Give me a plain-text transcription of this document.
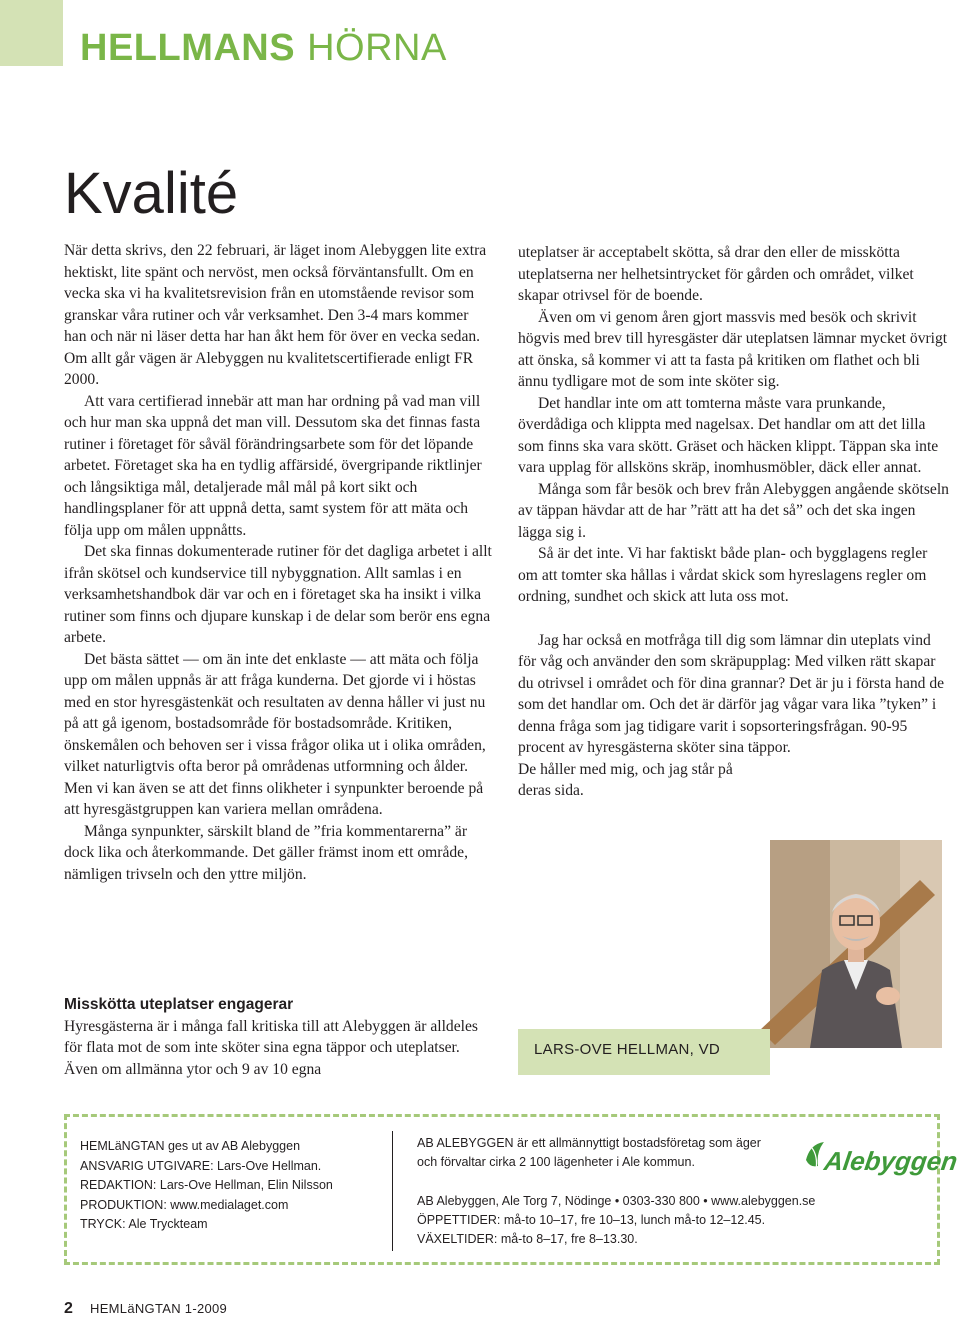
HELLMANS HÖRNA
Kvalité

När detta skrivs, den 22 februari, är läget inom Alebyggen lite extra hektiskt, lite spänt och nervöst, men också förväntansfullt. Om en vecka ska vi ha kvalitetsrevision från en utomstående revisor som granskar våra rutiner och vår verksamhet. Den 3-4 mars kommer han och när ni läser detta har han åkt hem för över en vecka sedan. Om allt går vägen är Alebyggen nu kvalitetscertifierade enligt FR 2000.

Att vara certifierad innebär att man har ordning på vad man vill och hur man ska uppnå det man vill. Dessutom ska det finnas fasta rutiner i företaget för såväl förändringsarbete som för det löpande arbetet. Företaget ska ha en tydlig affärsidé, övergripande riktlinjer och långsiktiga mål, detaljerade mål mål på kort sikt och handlingsplaner för att uppnå detta, samt system för att mäta och följa upp om målen uppnåtts.

Det ska finnas dokumenterade rutiner för det dagliga arbetet i allt ifrån skötsel och kundservice till nybyggnation. Allt samlas i en verksamhetshandbok där var och en i företaget ska ha insikt i vilka rutiner som finns och djupare kunskap i de delar som berör ens egna arbete.

Det bästa sättet — om än inte det enklaste — att mäta och följa upp om målen uppnås är att fråga kunderna. Det gjorde vi i höstas med en stor hyresgästenkät och resultaten av denna håller vi just nu på att gå igenom, bostadsområde för bostadsområde. Kritiken, önskemålen och behoven ser i vissa frågor olika ut i olika områden, vilket naturligtvis ofta beror på områdenas utformning och ålder. Men vi kan även se att det finns olikheter i synpunkter beroende på att hyresgästgruppen kan variera mellan områdena.

Många synpunkter, särskilt bland de ”fria kommentarerna” är dock lika och återkommande. Det gäller främst inom ett område, nämligen trivseln och den yttre miljön.

Misskötta uteplatser engagerar

Hyresgästerna är i många fall kritiska till att Alebyggen är alldeles för flata mot de som inte sköter sina egna täppor och uteplatser. Även om allmänna ytor och 9 av 10 egna

uteplatser är acceptabelt skötta, så drar den eller de misskötta uteplatserna ner helhetsintrycket för gården och området, vilket skapar otrivsel för de boende.

Även om vi genom åren gjort massvis med besök och skrivit högvis med brev till hyresgäster där uteplatsen lämnar mycket övrigt att önska, så kommer vi att ta fasta på kritiken om flathet och bli ännu tydligare mot de som inte sköter sig.

Det handlar inte om att tomterna måste vara prunkande, överdådiga och klippta med nagelsax. Det handlar om att det lilla som finns ska vara skött. Gräset och häcken klippt. Täppan ska inte vara upplag för allsköns skräp, inomhusmöbler, däck eller annat.

Många som får besök och brev från Alebyggen angående skötseln av täppan hävdar att de har ”rätt att ha det så” och det ska ingen lägga sig i.

Så är det inte. Vi har faktiskt både plan- och bygglagens regler om att tomter ska hållas i vårdat skick som hyreslagens regler om ordning, sundhet och skick att luta oss mot.

Jag har också en motfråga till dig som lämnar din uteplats vind för våg och använder den som skräpupplag: Med vilken rätt skapar du otrivsel i området och för dina grannar? Det är ju i första hand de som det handlar om. Och det är därför jag vågar vara lika ”tyken” i denna fråga som jag tidigare varit i sopsorteringsfrågan. 90-95 procent av hyresgästerna sköter sina täppor.

De håller med mig, och jag står på deras sida.

LARS-OVE HELLMAN, VD
HEMLäNGTAN ges ut av AB Alebyggen
ANSVARIG UTGIVARE: Lars-Ove Hellman.
REDAKTION: Lars-Ove Hellman, Elin Nilsson
PRODUKTION: www.medialaget.com
TRYCK: Ale Tryckteam
AB ALEBYGGEN är ett allmännyttigt bostadsföretag som äger
och förvaltar cirka 2 100 lägenheter i Ale kommun.
AB Alebyggen, Ale Torg 7, Nödinge • 0303-330 800 • www.alebyggen.se
ÖPPETTIDER: må-to 10–17, fre 10–13, lunch må-to 12–12.45.
VÄXELTIDER: må-to 8–17, fre 8–13.30.
Alebyggen
2 HEMLäNGTAN 1-2009
